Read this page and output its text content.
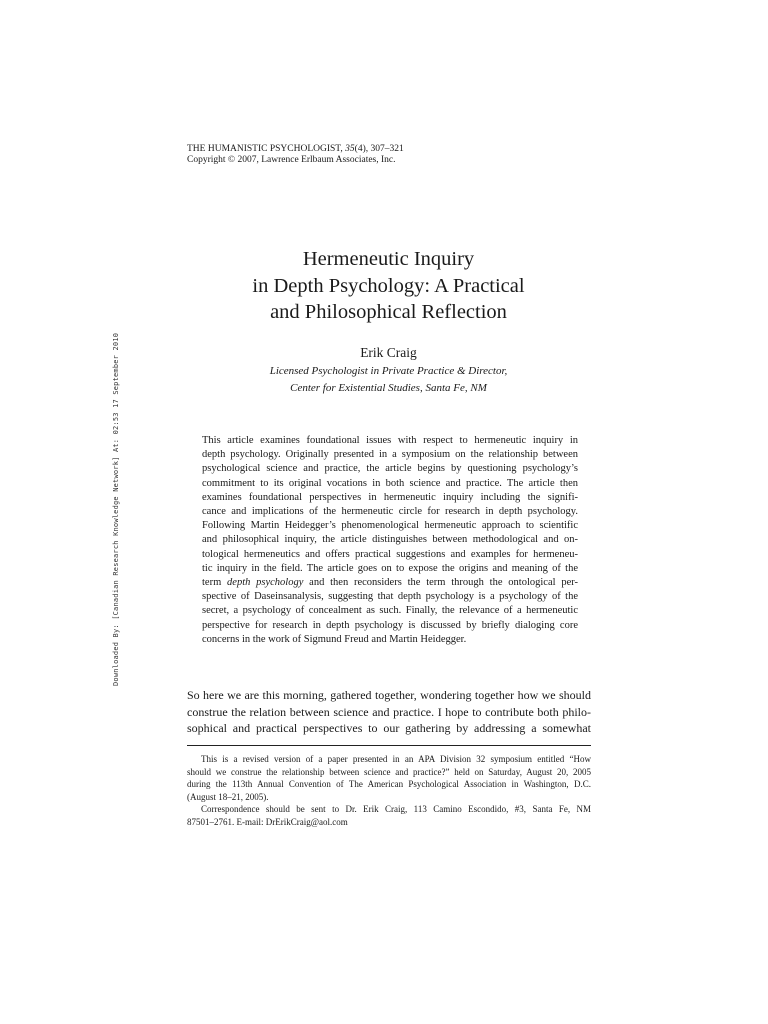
Downloaded By: [Canadian Research Knowledge Network] At: 02:53 17 September 2010
THE HUMANISTIC PSYCHOLOGIST, 35(4), 307–321
Copyright © 2007, Lawrence Erlbaum Associates, Inc.
Hermeneutic Inquiry
in Depth Psychology: A Practical
and Philosophical Reflection
Erik Craig
Licensed Psychologist in Private Practice & Director,
Center for Existential Studies, Santa Fe, NM
This article examines foundational issues with respect to hermeneutic inquiry in
depth psychology. Originally presented in a symposium on the relationship between
psychological science and practice, the article begins by questioning psychology’s
commitment to its original vocations in both science and practice. The article then
examines foundational perspectives in hermeneutic inquiry including the signifi-
cance and implications of the hermeneutic circle for research in depth psychology.
Following Martin Heidegger’s phenomenological hermeneutic approach to scientific
and philosophical inquiry, the article distinguishes between methodological and on-
tological hermeneutics and offers practical suggestions and examples for hermeneu-
tic inquiry in the field. The article goes on to expose the origins and meaning of the
term depth psychology and then reconsiders the term through the ontological per-
spective of Daseinsanalysis, suggesting that depth psychology is a psychology of the
secret, a psychology of concealment as such. Finally, the relevance of a hermeneutic
perspective for research in depth psychology is discussed by briefly dialoging core
concerns in the work of Sigmund Freud and Martin Heidegger.
So here we are this morning, gathered together, wondering together how we should
construe the relation between science and practice. I hope to contribute both philo-
sophical and practical perspectives to our gathering by addressing a somewhat
This is a revised version of a paper presented in an APA Division 32 symposium entitled “How
should we construe the relationship between science and practice?” held on Saturday, August 20, 2005
during the 113th Annual Convention of The American Psychological Association in Washington, D.C.
(August 18–21, 2005).
Correspondence should be sent to Dr. Erik Craig, 113 Camino Escondido, #3, Santa Fe, NM
87501–2761. E-mail: DrErikCraig@aol.com
